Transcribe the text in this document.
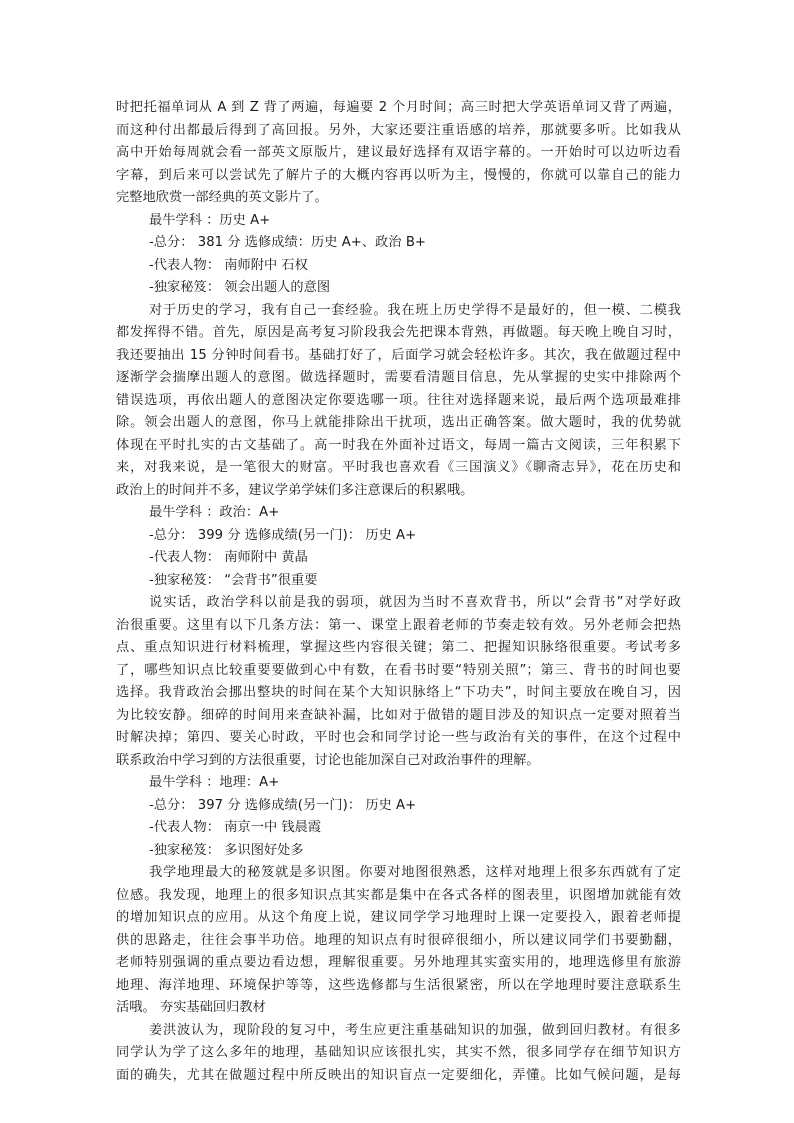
时把托福单词从 A 到 Z 背了两遍，每遍要 2 个月时间；高三时把大学英语单词又背了两遍，
而这种付出都最后得到了高回报。另外，大家还要注重语感的培养，那就要多听。比如我从
高中开始每周就会看一部英文原版片，建议最好选择有双语字幕的。一开始时可以边听边看
字幕，到后来可以尝试先了解片子的大概内容再以听为主，慢慢的，你就可以靠自己的能力
完整地欣赏一部经典的英文影片了。
最牛学科 ：历史 A+
-总分： 381 分 选修成绩：历史 A+、政治 B+
-代表人物： 南师附中 石权
-独家秘笈： 领会出题人的意图
对于历史的学习，我有自己一套经验。我在班上历史学得不是最好的，但一模、二模我
都发挥得不错。首先，原因是高考复习阶段我会先把课本背熟，再做题。每天晚上晚自习时，
我还要抽出 15 分钟时间看书。基础打好了，后面学习就会轻松许多。其次，我在做题过程中
逐渐学会揣摩出题人的意图。做选择题时，需要看清题目信息，先从掌握的史实中排除两个
错误选项，再依出题人的意图决定你要选哪一项。往往对选择题来说，最后两个选项最难排
除。领会出题人的意图，你马上就能排除出干扰项，选出正确答案。做大题时，我的优势就
体现在平时扎实的古文基础了。高一时我在外面补过语文，每周一篇古文阅读，三年积累下
来，对我来说，是一笔很大的财富。平时我也喜欢看《三国演义》《聊斋志异》，花在历史和
政治上的时间并不多，建议学弟学妹们多注意课后的积累哦。
最牛学科 ：政治：A+
-总分： 399 分 选修成绩(另一门)： 历史 A+
-代表人物： 南师附中 黄晶
-独家秘笈： “会背书”很重要
说实话，政治学科以前是我的弱项，就因为当时不喜欢背书，所以“会背书”对学好政
治很重要。这里有以下几条方法：第一、课堂上跟着老师的节奏走较有效。另外老师会把热
点、重点知识进行材料梳理，掌握这些内容很关键；第二、把握知识脉络很重要。考试考多
了，哪些知识点比较重要要做到心中有数，在看书时要“特别关照”；第三、背书的时间也要
选择。我背政治会挪出整块的时间在某个大知识脉络上“下功夫”，时间主要放在晚自习，因
为比较安静。细碎的时间用来查缺补漏，比如对于做错的题目涉及的知识点一定要对照着当
时解决掉；第四、要关心时政，平时也会和同学讨论一些与政治有关的事件，在这个过程中
联系政治中学习到的方法很重要，讨论也能加深自己对政治事件的理解。
最牛学科 ：地理：A+
-总分： 397 分 选修成绩(另一门)： 历史 A+
-代表人物： 南京一中 钱晨霞
-独家秘笈： 多识图好处多
我学地理最大的秘笈就是多识图。你要对地图很熟悉，这样对地理上很多东西就有了定
位感。我发现，地理上的很多知识点其实都是集中在各式各样的图表里，识图增加就能有效
的增加知识点的应用。从这个角度上说，建议同学学习地理时上课一定要投入，跟着老师提
供的思路走，往往会事半功倍。地理的知识点有时很碎很细小，所以建议同学们书要勤翻，
老师特别强调的重点要边看边想，理解很重要。另外地理其实蛮实用的，地理选修里有旅游
地理、海洋地理、环境保护等等，这些选修都与生活很紧密，所以在学地理时要注意联系生
活哦。 夯实基础回归教材
姜洪波认为，现阶段的复习中，考生应更注重基础知识的加强，做到回归教材。有很多
同学认为学了这么多年的地理，基础知识应该很扎实，其实不然，很多同学存在细节知识方
面的确失，尤其在做题过程中所反映出的知识盲点一定要细化，弄懂。比如气候问题，是每
